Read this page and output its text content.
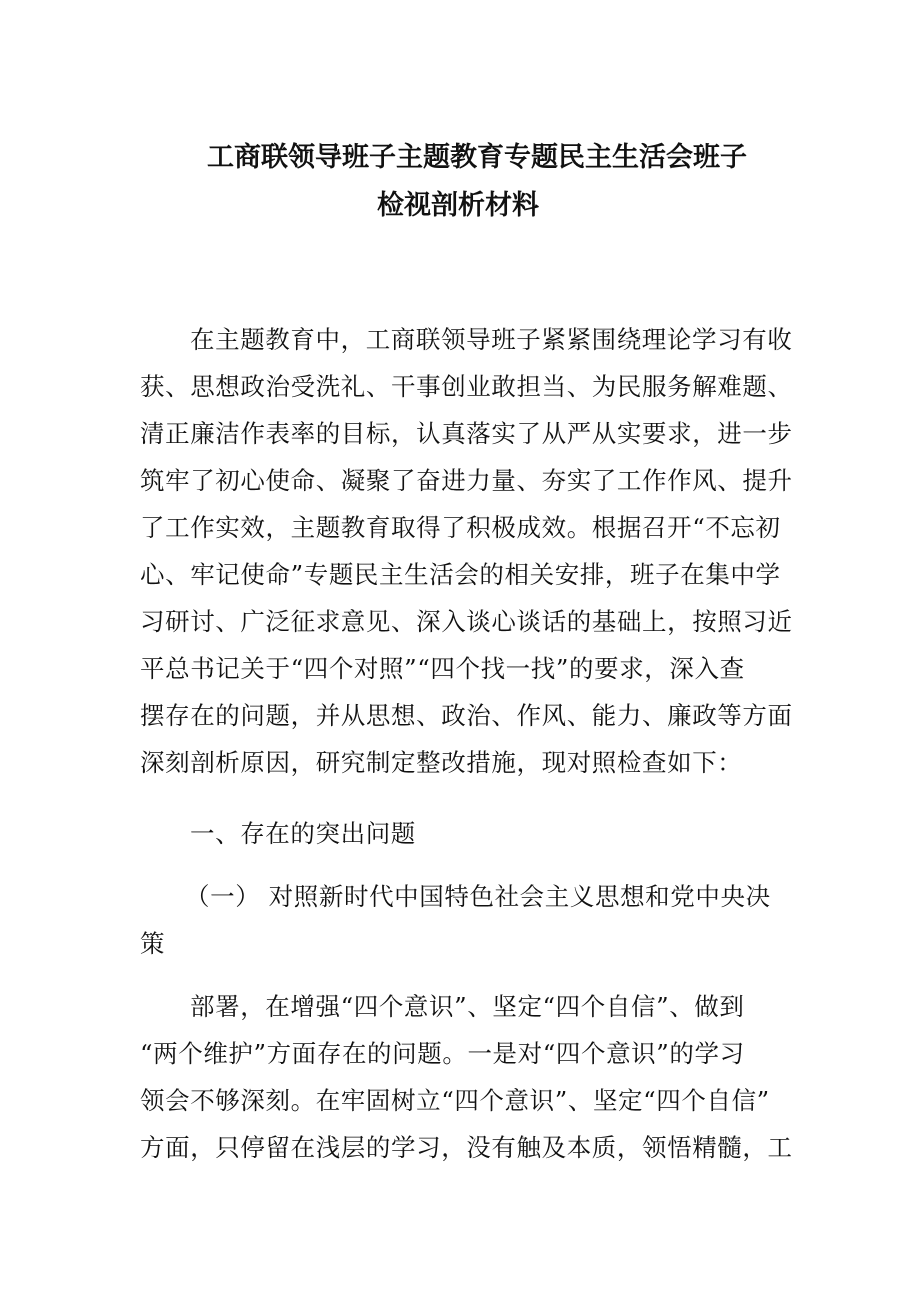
工商联领导班子主题教育专题民主生活会班子
检视剖析材料
在主题教育中，工商联领导班子紧紧围绕理论学习有收
获、思想政治受洗礼、干事创业敢担当、为民服务解难题、
清正廉洁作表率的目标，认真落实了从严从实要求，进一步
筑牢了初心使命、凝聚了奋进力量、夯实了工作作风、提升
了工作实效，主题教育取得了积极成效。根据召开“不忘初
心、牢记使命”专题民主生活会的相关安排，班子在集中学
习研讨、广泛征求意见、深入谈心谈话的基础上，按照习近
平总书记关于“四个对照”“四个找一找”的要求，深入查
摆存在的问题，并从思想、政治、作风、能力、廉政等方面
深刻剖析原因，研究制定整改措施，现对照检查如下：
一、存在的突出问题
（一） 对照新时代中国特色社会主义思想和党中央决
策
部署，在增强“四个意识”、坚定“四个自信”、做到
“两个维护”方面存在的问题。一是对“四个意识”的学习
领会不够深刻。在牢固树立“四个意识”、坚定“四个自信”
方面，只停留在浅层的学习，没有触及本质，领悟精髓，工
